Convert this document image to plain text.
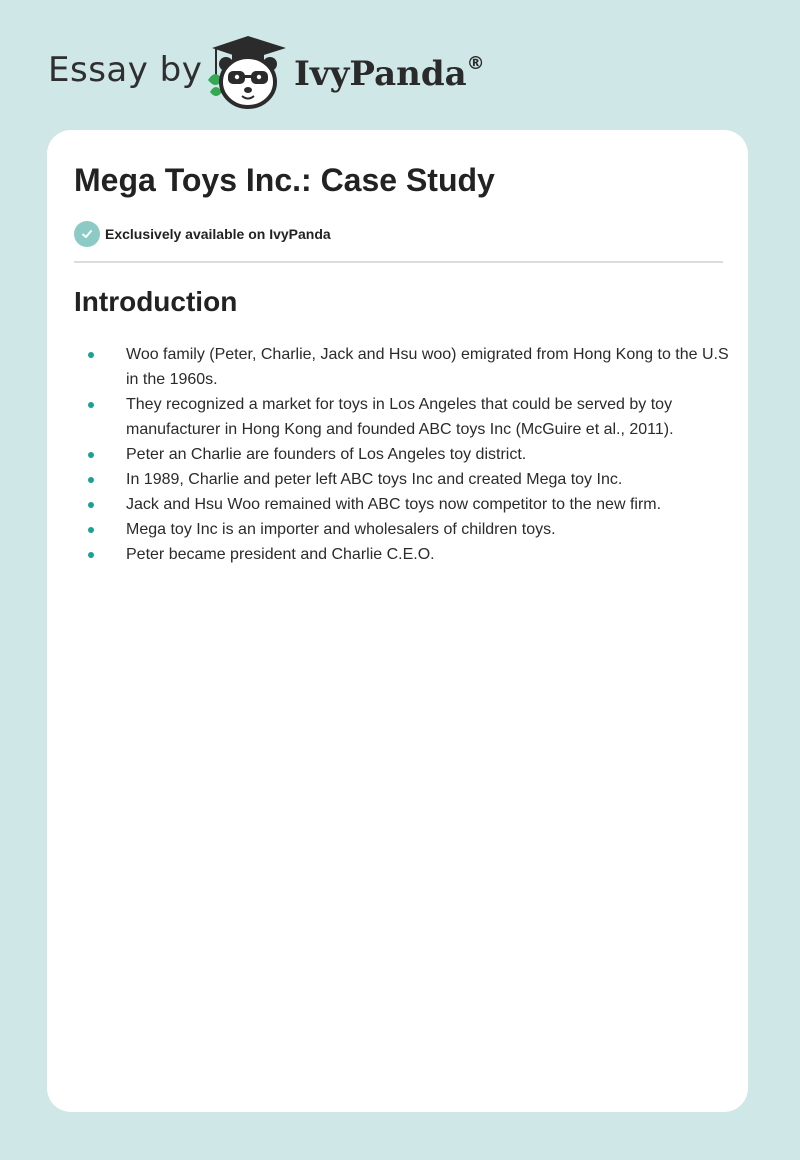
Essay by	IvyPanda®
Mega Toys Inc.: Case Study
Exclusively available on IvyPanda
Introduction
Woo family (Peter, Charlie, Jack and Hsu woo) emigrated from Hong Kong to the U.S in the 1960s.
They recognized a market for toys in Los Angeles that could be served by toy manufacturer in Hong Kong and founded ABC toys Inc (McGuire et al., 2011).
Peter an Charlie are founders of Los Angeles toy district.
In 1989, Charlie and peter left ABC toys Inc and created Mega toy Inc.
Jack and Hsu Woo remained with ABC toys now competitor to the new firm.
Mega toy Inc is an importer and wholesalers of children toys.
Peter became president and Charlie C.E.O.
